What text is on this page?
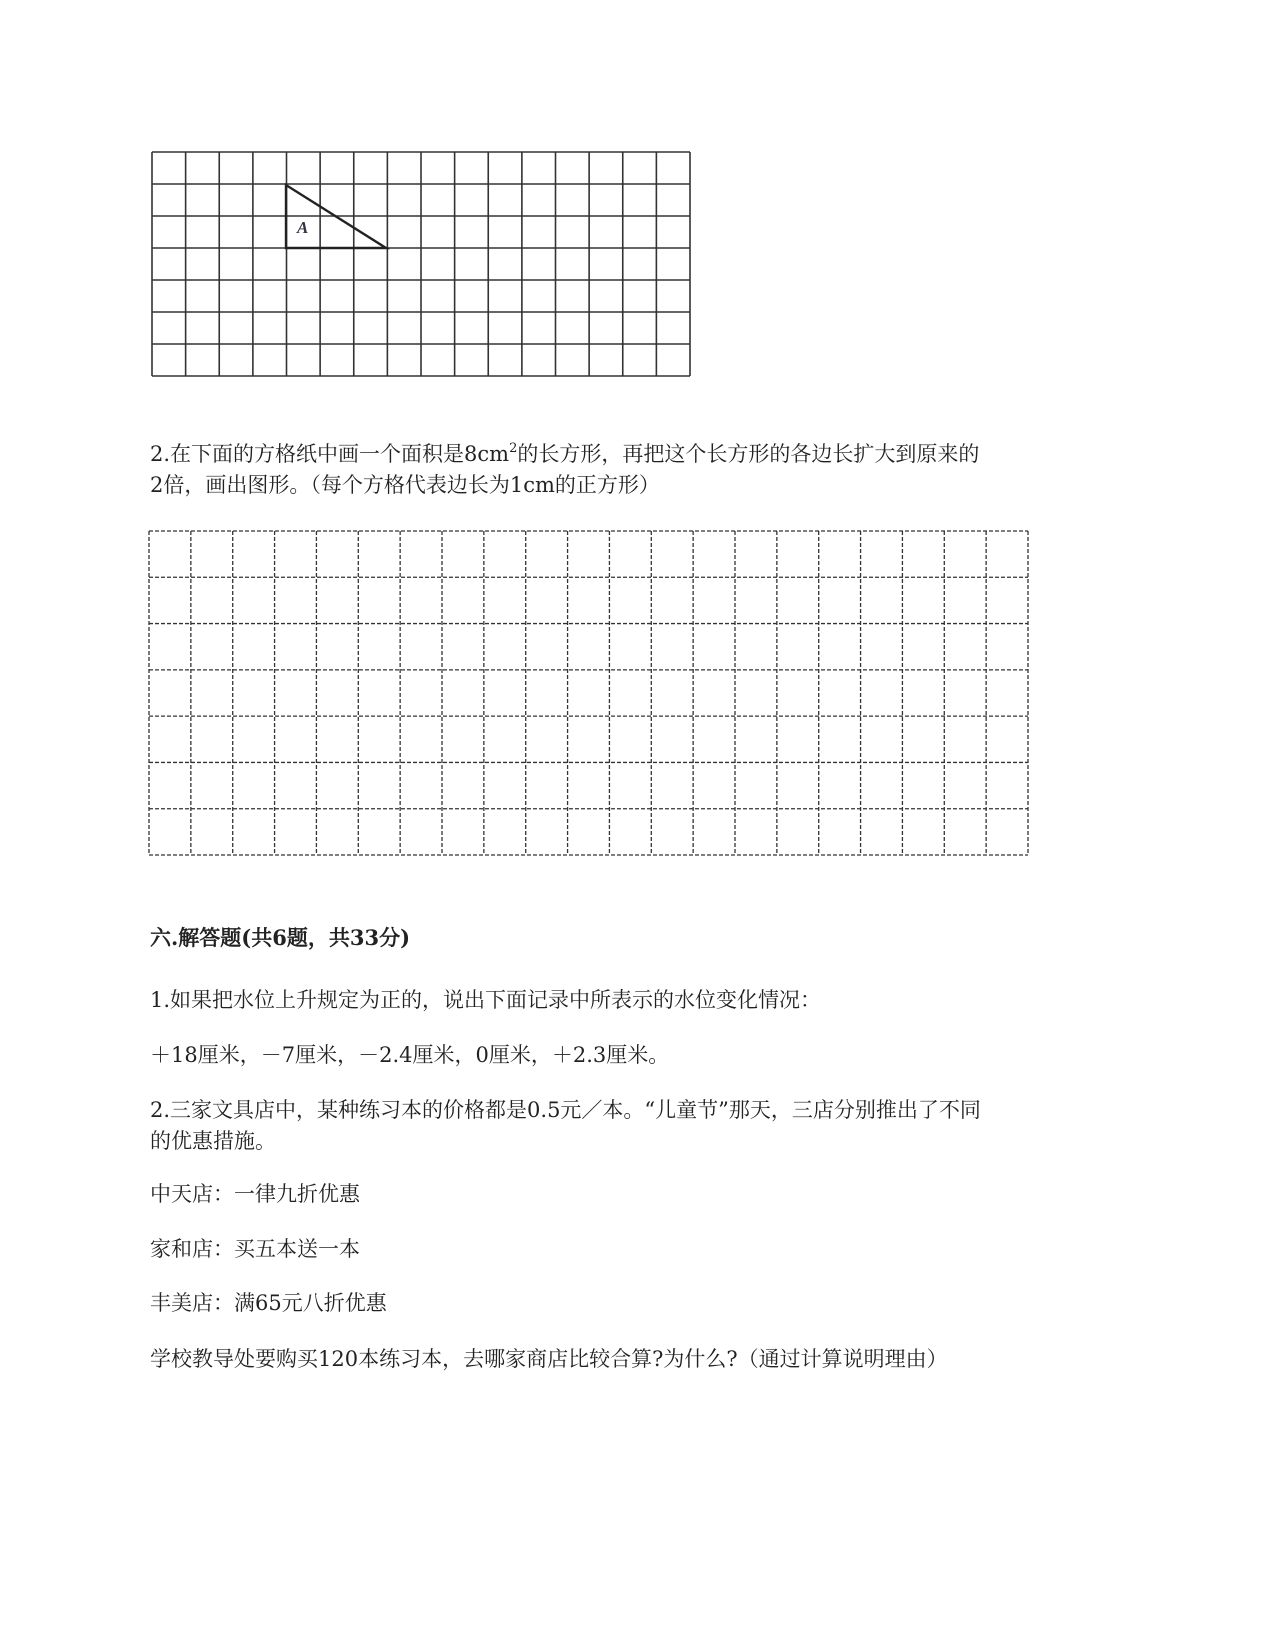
A

2.在下面的方格纸中画一个面积是$8cm^2$的长方形，再把这个长方形的各边长扩大到原来的

2倍，画出图形。（每个方格代表边长为1cm的正方形）

六.解答题(共6题，共33分)

1.如果把水位上升规定为正的，说出下面记录中所表示的水位变化情况：

＋18厘米，－7厘米，－2.4厘米，0厘米，＋2.3厘米。

2.三家文具店中，某种练习本的价格都是0.5元／本。“儿童节”那天，三店分别推出了不同

的优惠措施。

中天店：一律九折优惠

家和店：买五本送一本

丰美店：满65元八折优惠

学校教导处要购买120本练习本，去哪家商店比较合算?为什么?（通过计算说明理由）
